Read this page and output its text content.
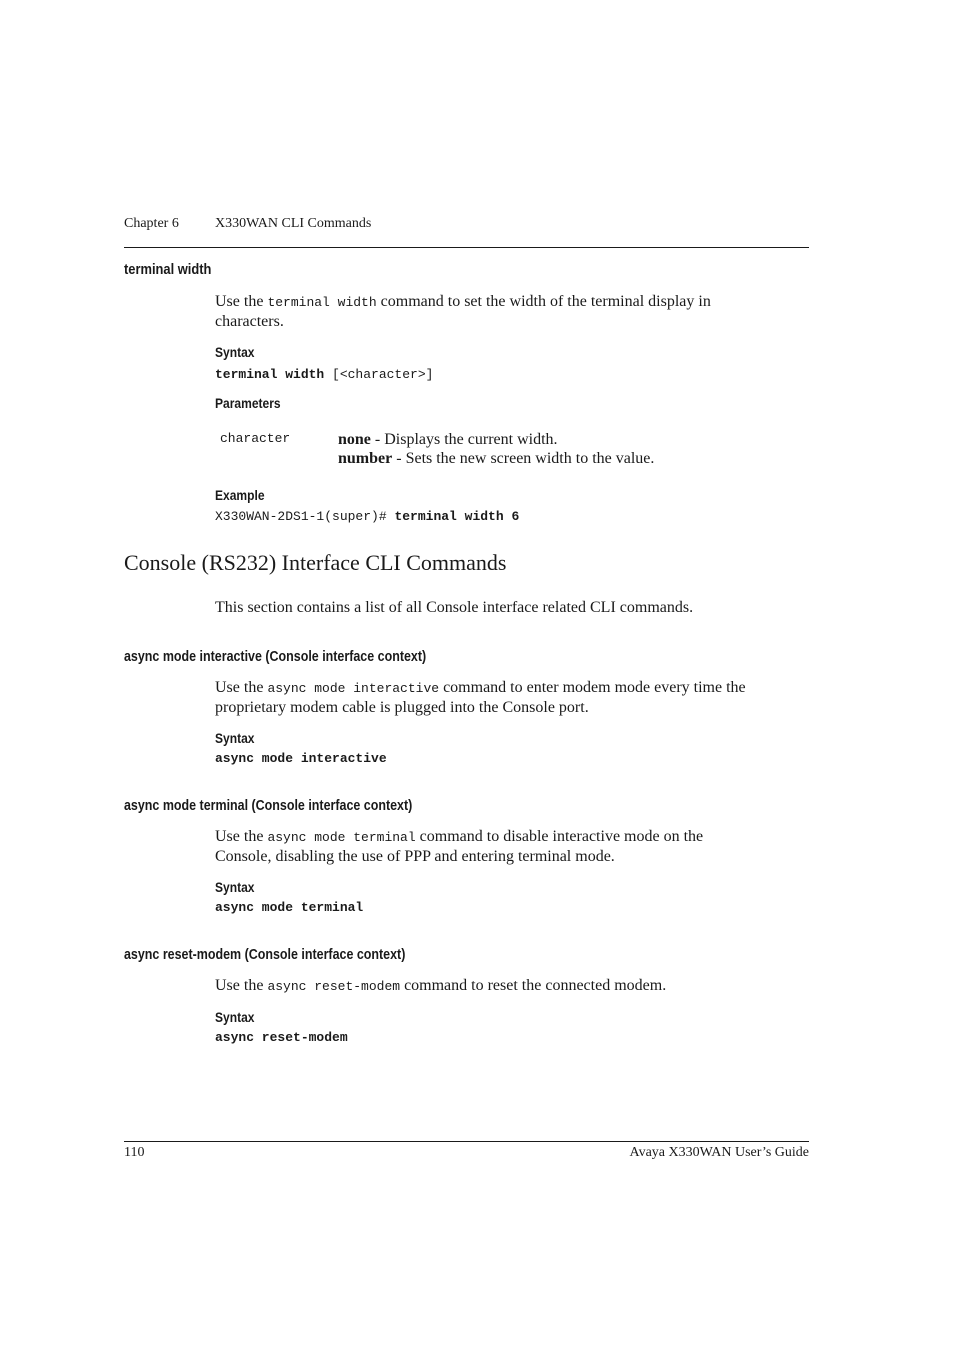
Chapter 6	X330WAN CLI Commands
terminal width
Use the terminal width command to set the width of the terminal display in
characters.
Syntax
terminal width [<character>]
Parameters
character	none - Displays the current width.
number - Sets the new screen width to the value.
Example
X330WAN-2DS1-1(super)# terminal width 6
Console (RS232) Interface CLI Commands
This section contains a list of all Console interface related CLI commands.
async mode interactive (Console interface context)
Use the async mode interactive command to enter modem mode every time the
proprietary modem cable is plugged into the Console port.
Syntax
async mode interactive
async mode terminal (Console interface context)
Use the async mode terminal command to disable interactive mode on the
Console, disabling the use of PPP and entering terminal mode.
Syntax
async mode terminal
async reset-modem (Console interface context)
Use the async reset-modem command to reset the connected modem.
Syntax
async reset-modem
110	Avaya X330WAN User’s Guide
